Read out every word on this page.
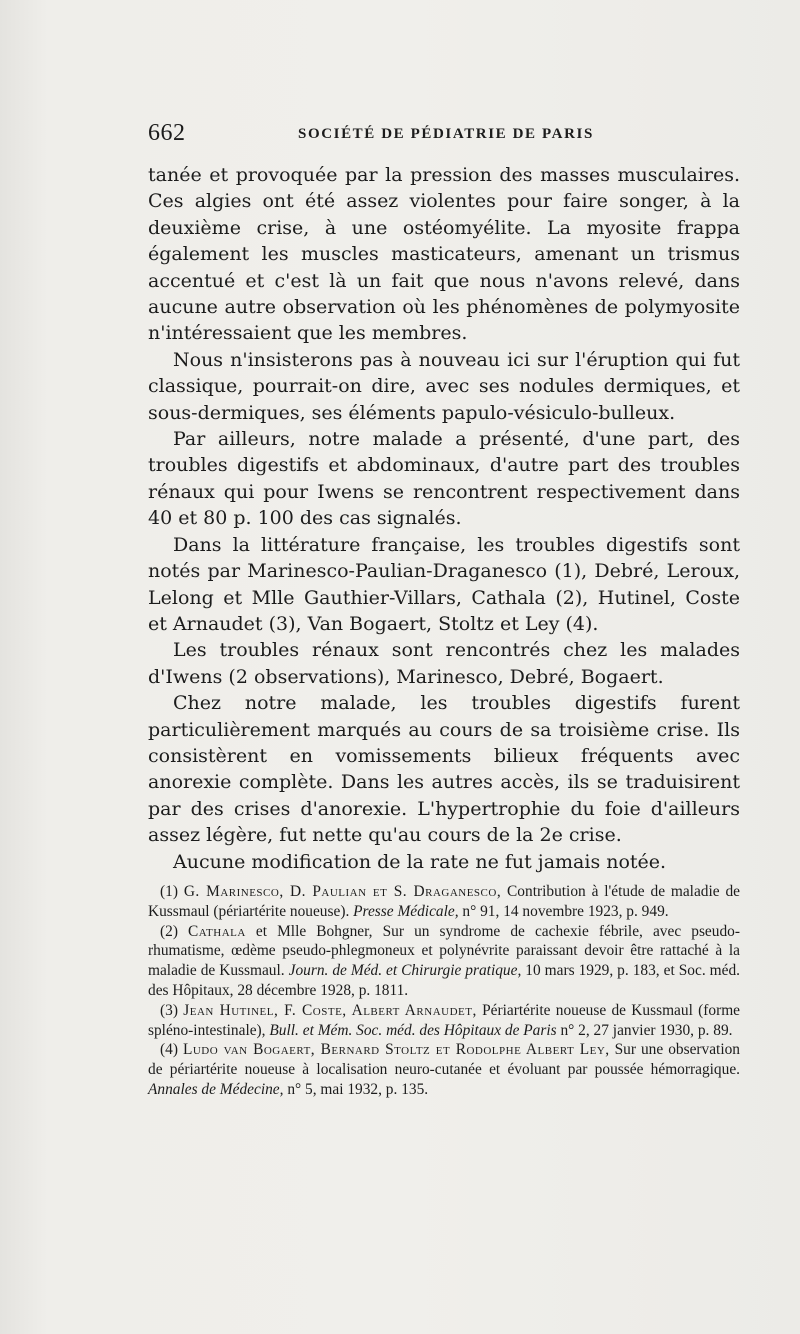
662	SOCIÉTÉ DE PÉDIATRIE DE PARIS

tanée et provoquée par la pression des masses musculaires. Ces algies ont été assez violentes pour faire songer, à la deuxième crise, à une ostéomyélite. La myosite frappa également les muscles masticateurs, amenant un trismus accentué et c'est là un fait que nous n'avons relevé, dans aucune autre observation où les phénomènes de polymyosite n'intéressaient que les membres.

Nous n'insisterons pas à nouveau ici sur l'éruption qui fut classique, pourrait-on dire, avec ses nodules dermiques, et sous-dermiques, ses éléments papulo-vésiculo-bulleux.

Par ailleurs, notre malade a présenté, d'une part, des troubles digestifs et abdominaux, d'autre part des troubles rénaux qui pour Iwens se rencontrent respectivement dans 40 et 80 p. 100 des cas signalés.

Dans la littérature française, les troubles digestifs sont notés par Marinesco-Paulian-Draganesco (1), Debré, Leroux, Lelong et Mlle Gauthier-Villars, Cathala (2), Hutinel, Coste et Arnaudet (3), Van Bogaert, Stoltz et Ley (4).

Les troubles rénaux sont rencontrés chez les malades d'Iwens (2 observations), Marinesco, Debré, Bogaert.

Chez notre malade, les troubles digestifs furent particulièrement marqués au cours de sa troisième crise. Ils consistèrent en vomissements bilieux fréquents avec anorexie complète. Dans les autres accès, ils se traduisirent par des crises d'anorexie. L'hypertrophie du foie d'ailleurs assez légère, fut nette qu'au cours de la 2e crise.

Aucune modification de la rate ne fut jamais notée.

(1) G. Marinesco, D. Paulian et S. Draganesco, Contribution à l'étude de maladie de Kussmaul (périartérite noueuse). Presse Médicale, n° 91, 14 novembre 1923, p. 949.

(2) Cathala et Mlle Bohgner, Sur un syndrome de cachexie fébrile, avec pseudo-rhumatisme, œdème pseudo-phlegmoneux et polynévrite paraissant devoir être rattaché à la maladie de Kussmaul. Journ. de Méd. et Chirurgie pratique, 10 mars 1929, p. 183, et Soc. méd. des Hôpitaux, 28 décembre 1928, p. 1811.

(3) Jean Hutinel, F. Coste, Albert Arnaudet, Périartérite noueuse de Kussmaul (forme spléno-intestinale), Bull. et Mém. Soc. méd. des Hôpitaux de Paris n° 2, 27 janvier 1930, p. 89.

(4) Ludo van Bogaert, Bernard Stoltz et Rodolphe Albert Ley, Sur une observation de périartérite noueuse à localisation neuro-cutanée et évoluant par poussée hémorragique. Annales de Médecine, n° 5, mai 1932, p. 135.
